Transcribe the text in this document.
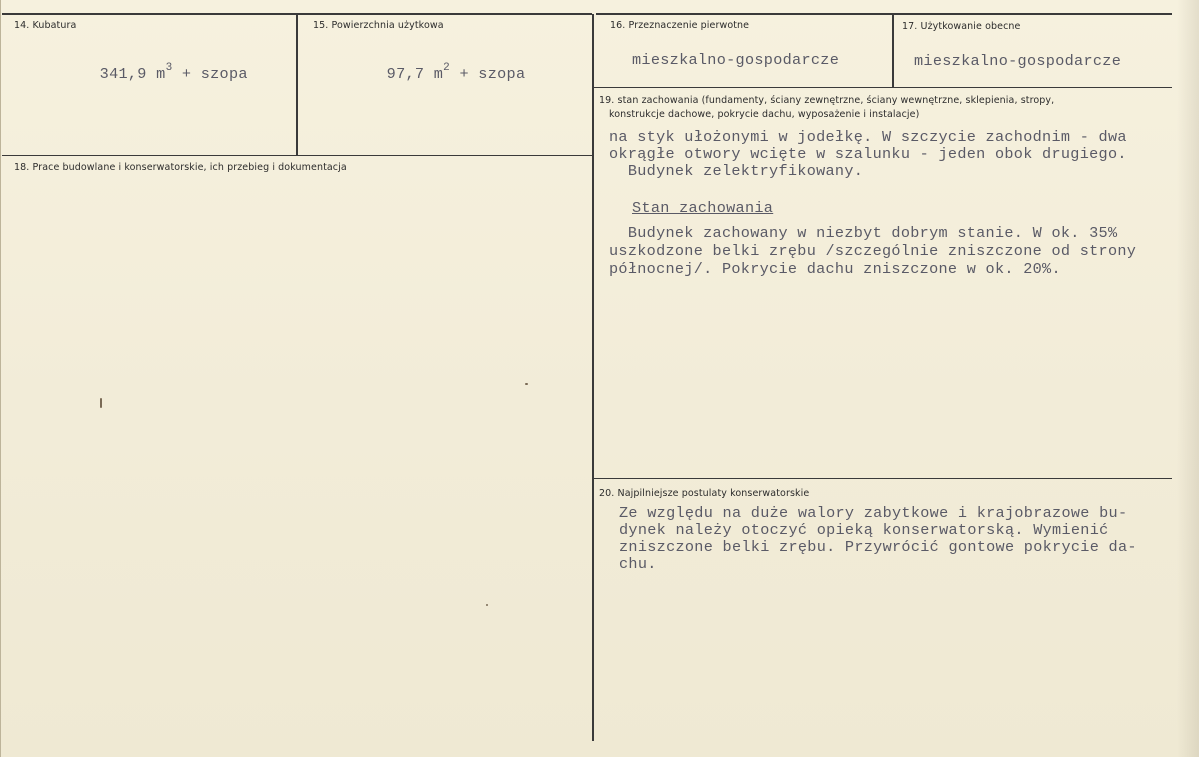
14. Kubatura

341,9 $m^3$ + szopa

15. Powierzchnia użytkowa

97,7 $m^2$ + szopa

16. Przeznaczenie pierwotne
mieszkalno-gospodarcze
17. Użytkowanie obecne
mieszkalno-gospodarcze
18. Prace budowlane i konserwatorskie, ich przebieg i dokumentacja
19. stan zachowania (fundamenty, ściany zewnętrzne, ściany wewnętrzne, sklepienia, stropy,
konstrukcje dachowe, pokrycie dachu, wyposażenie i instalacje)
na styk ułożonymi w jodełkę. W szczycie zachodnim - dwa
okrągłe otwory wcięte w szalunku - jeden obok drugiego.
Budynek zelektryfikowany.
Stan zachowania
Budynek zachowany w niezbyt dobrym stanie. W ok. 35%
uszkodzone belki zrębu /szczególnie zniszczone od strony
północnej/. Pokrycie dachu zniszczone w ok. 20%.
20. Najpilniejsze postulaty konserwatorskie
Ze względu na duże walory zabytkowe i krajobrazowe bu-
dynek należy otoczyć opieką konserwatorską. Wymienić
zniszczone belki zrębu. Przywrócić gontowe pokrycie da-
chu.
